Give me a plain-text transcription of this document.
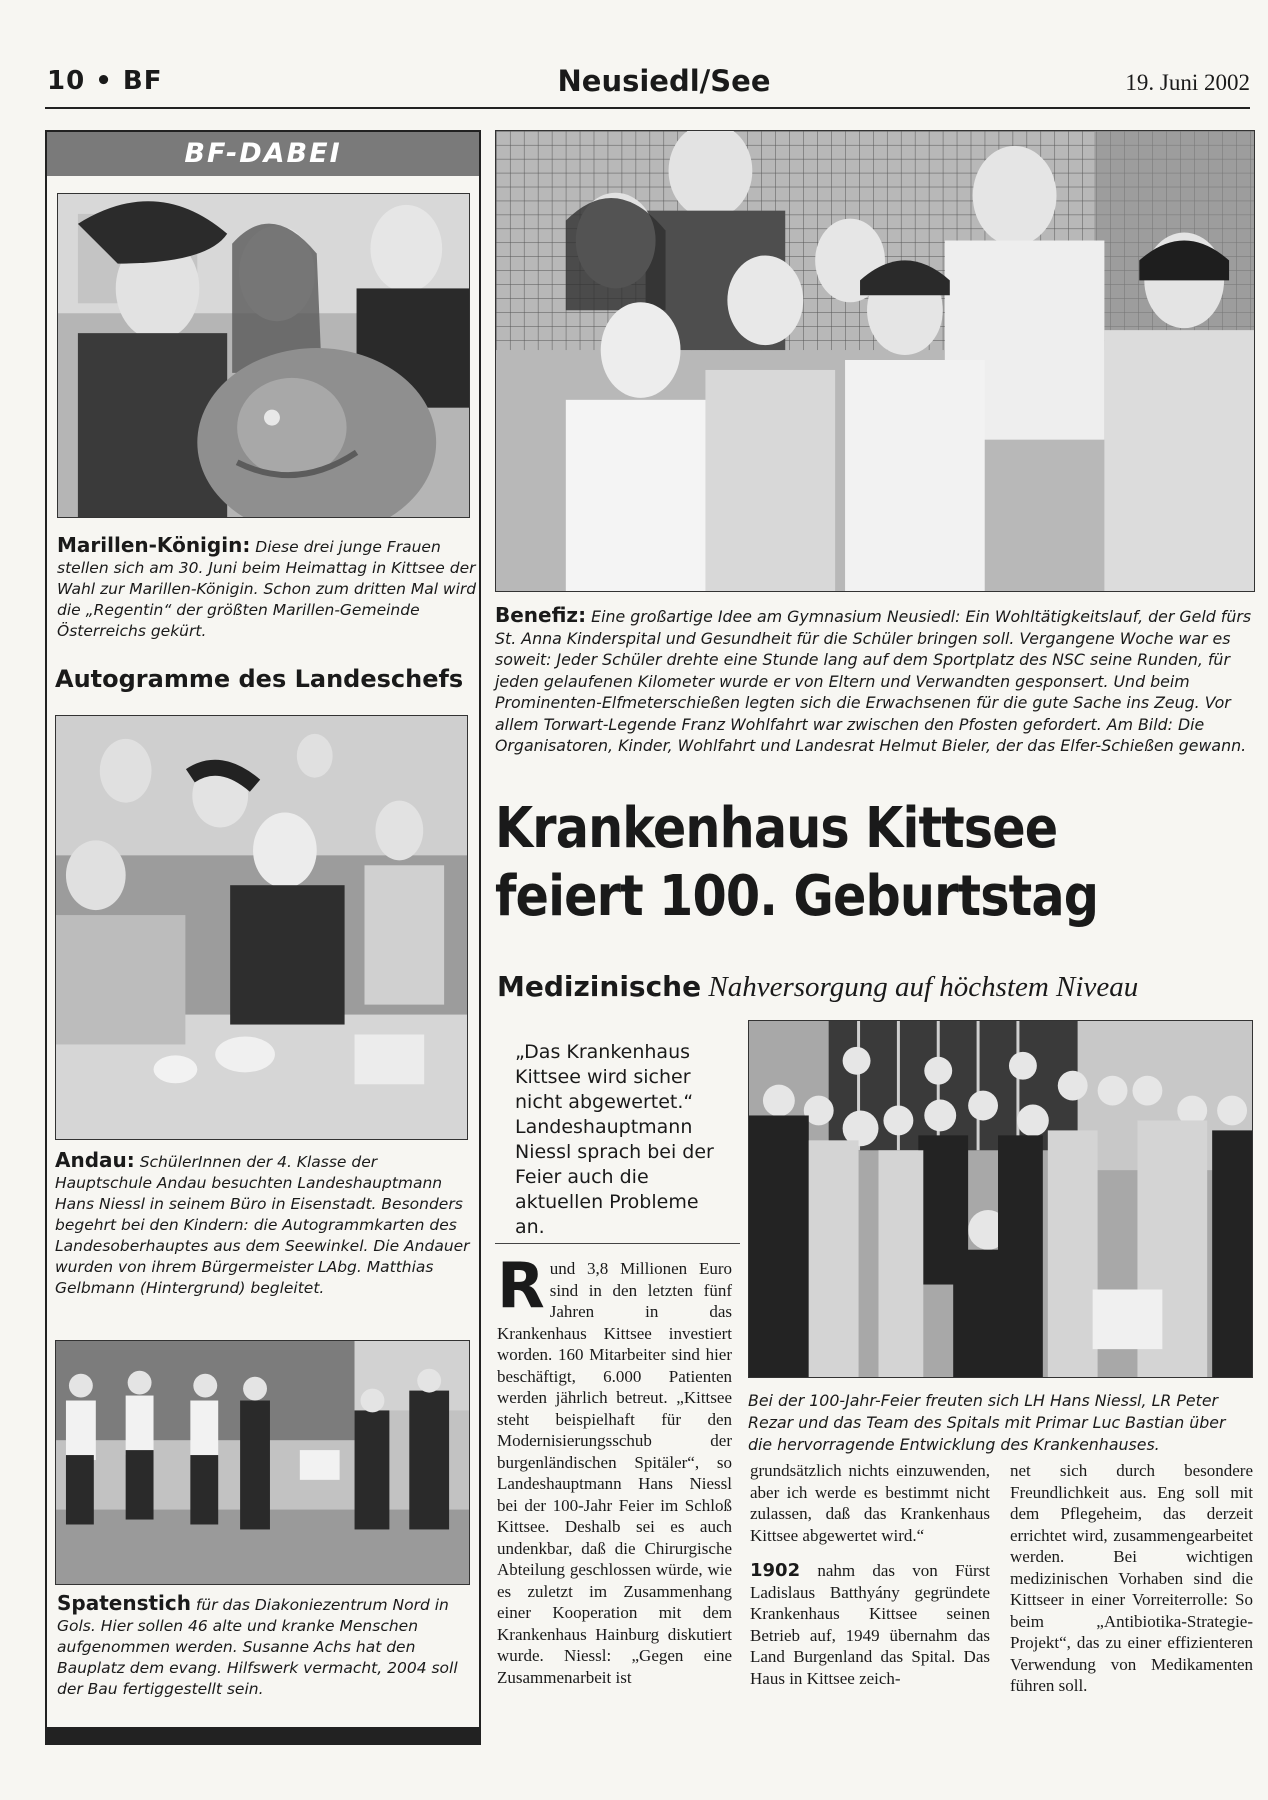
10 • BF	Neusiedl/See	19. Juni 2002
BF-DABEI
Marillen-Königin: Diese drei junge Frauen stellen sich am 30. Juni beim Heimattag in Kittsee der Wahl zur Marillen-Königin. Schon zum dritten Mal wird die „Regentin“ der größten Marillen-Gemeinde Österreichs gekürt.
Autogramme des Landeschefs
Andau: SchülerInnen der 4. Klasse der Hauptschule Andau besuchten Landeshauptmann Hans Niessl in seinem Büro in Eisenstadt. Besonders begehrt bei den Kindern: die Autogrammkarten des Landesoberhauptes aus dem Seewinkel. Die Andauer wurden von ihrem Bürgermeister LAbg. Matthias Gelbmann (Hintergrund) begleitet.
Spatenstich für das Diakoniezentrum Nord in Gols. Hier sollen 46 alte und kranke Menschen aufgenommen werden. Susanne Achs hat den Bauplatz dem evang. Hilfswerk vermacht, 2004 soll der Bau fertiggestellt sein.
Benefiz: Eine großartige Idee am Gymnasium Neusiedl: Ein Wohltätigkeitslauf, der Geld fürs St. Anna Kinderspital und Gesundheit für die Schüler bringen soll. Vergangene Woche war es soweit: Jeder Schüler drehte eine Stunde lang auf dem Sportplatz des NSC seine Runden, für jeden gelaufenen Kilometer wurde er von Eltern und Verwandten gesponsert. Und beim Prominenten-Elfmeterschießen legten sich die Erwachsenen für die gute Sache ins Zeug. Vor allem Torwart-Legende Franz Wohlfahrt war zwischen den Pfosten gefordert. Am Bild: Die Organisatoren, Kinder, Wohlfahrt und Landesrat Helmut Bieler, der das Elfer-Schießen gewann.
Krankenhaus Kittsee feiert 100. Geburtstag
Medizinische Nahversorgung auf höchstem Niveau
„Das Krankenhaus Kittsee wird sicher nicht abgewertet.“ Landeshauptmann Niessl sprach bei der Feier auch die aktuellen Probleme an.
Bei der 100-Jahr-Feier freuten sich LH Hans Niessl, LR Peter Rezar und das Team des Spitals mit Primar Luc Bastian über die hervorragende Entwicklung des Krankenhauses.
Rund 3,8 Millionen Euro sind in den letzten fünf Jahren in das Krankenhaus Kittsee investiert worden. 160 Mitarbeiter sind hier beschäftigt, 6.000 Patienten werden jährlich betreut. „Kittsee steht beispielhaft für den Modernisierungsschub der burgenländischen Spitäler“, so Landeshauptmann Hans Niessl bei der 100-Jahr Feier im Schloß Kittsee. Deshalb sei es auch undenkbar, daß die Chirurgische Abteilung geschlossen würde, wie es zuletzt im Zusammenhang einer Kooperation mit dem Krankenhaus Hainburg diskutiert wurde. Niessl: „Gegen eine Zusammenarbeit ist
grundsätzlich nichts einzuwenden, aber ich werde es bestimmt nicht zulassen, daß das Krankenhaus Kittsee abgewertet wird.“
1902 nahm das von Fürst Ladislaus Batthyány gegründete Krankenhaus Kittsee seinen Betrieb auf, 1949 übernahm das Land Burgenland das Spital. Das Haus in Kittsee zeich-
net sich durch besondere Freundlichkeit aus. Eng soll mit dem Pflegeheim, das derzeit errichtet wird, zusammengearbeitet werden. Bei wichtigen medizinischen Vorhaben sind die Kittseer in einer Vorreiterrolle: So beim „Antibiotika-Strategie-Projekt“, das zu einer effizienteren Verwendung von Medikamenten führen soll.
